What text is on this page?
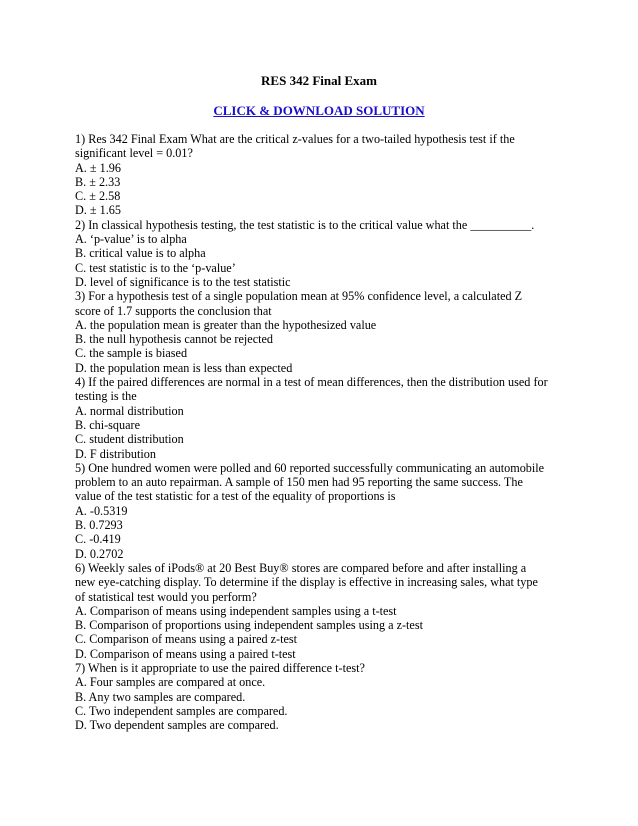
RES 342 Final Exam
CLICK & DOWNLOAD SOLUTION
1) Res 342 Final Exam What are the critical z-values for a two-tailed hypothesis test if the
significant level = 0.01?
A. ± 1.96
B. ± 2.33
C. ± 2.58
D. ± 1.65
2) In classical hypothesis testing, the test statistic is to the critical value what the __________.
A. ‘p-value’ is to alpha
B. critical value is to alpha
C. test statistic is to the ‘p-value’
D. level of significance is to the test statistic
3) For a hypothesis test of a single population mean at 95% confidence level, a calculated Z
score of 1.7 supports the conclusion that
A. the population mean is greater than the hypothesized value
B. the null hypothesis cannot be rejected
C. the sample is biased
D. the population mean is less than expected
4) If the paired differences are normal in a test of mean differences, then the distribution used for
testing is the
A. normal distribution
B. chi-square
C. student distribution
D. F distribution
5) One hundred women were polled and 60 reported successfully communicating an automobile
problem to an auto repairman. A sample of 150 men had 95 reporting the same success. The
value of the test statistic for a test of the equality of proportions is
A. -0.5319
B. 0.7293
C. -0.419
D. 0.2702
6) Weekly sales of iPods® at 20 Best Buy® stores are compared before and after installing a
new eye-catching display. To determine if the display is effective in increasing sales, what type
of statistical test would you perform?
A. Comparison of means using independent samples using a t-test
B. Comparison of proportions using independent samples using a z-test
C. Comparison of means using a paired z-test
D. Comparison of means using a paired t-test
7) When is it appropriate to use the paired difference t-test?
A. Four samples are compared at once.
B. Any two samples are compared.
C. Two independent samples are compared.
D. Two dependent samples are compared.
